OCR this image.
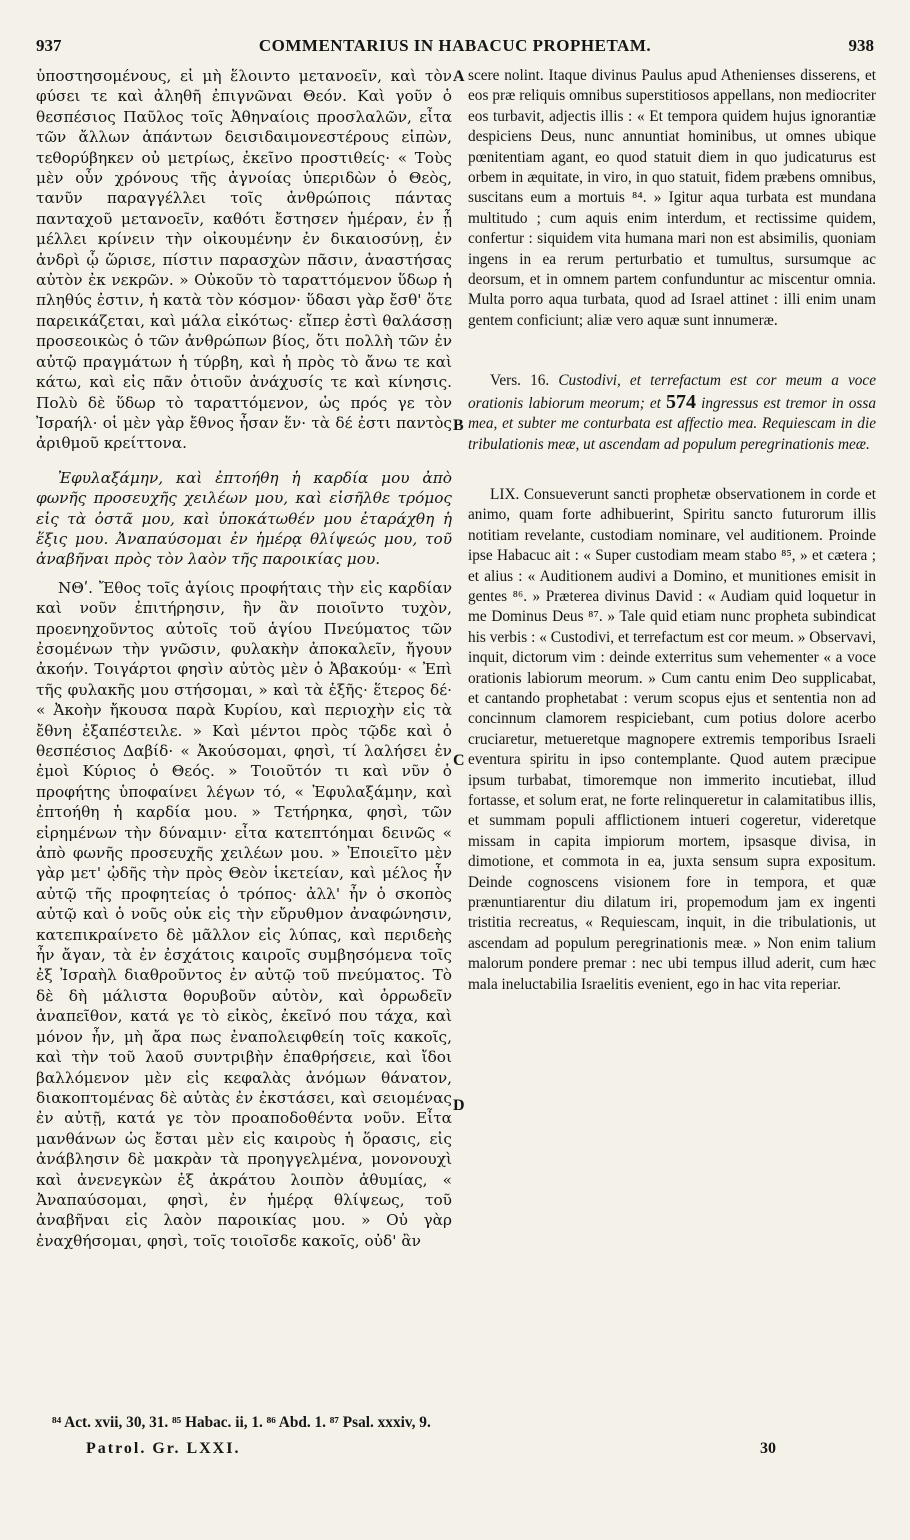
937	COMMENTARIUS IN HABACUC PROPHETAM.	938

ὑποστησομένους, εἰ μὴ ἕλοιντο μετανοεῖν, καὶ τὸν φύσει τε καὶ ἀληθῆ ἐπιγνῶναι Θεόν. Καὶ γοῦν ὁ θεσπέσιος Παῦλος τοῖς Ἀθηναίοις προσλαλῶν, εἶτα τῶν ἄλλων ἁπάντων δεισιδαιμονεστέρους εἰπὼν, τεθορύβηκεν οὐ μετρίως, ἐκεῖνο προστιθείς· « Τοὺς μὲν οὖν χρόνους τῆς ἀγνοίας ὑπεριδὼν ὁ Θεὸς, τανῦν παραγγέλλει τοῖς ἀνθρώποις πάντας πανταχοῦ μετανοεῖν, καθότι ἔστησεν ἡμέραν, ἐν ᾗ μέλλει κρίνειν τὴν οἰκουμένην ἐν δικαιοσύνῃ, ἐν ἀνδρὶ ᾧ ὥρισε, πίστιν παρασχὼν πᾶσιν, ἀναστήσας αὐτὸν ἐκ νεκρῶν. » Οὐκοῦν τὸ ταραττόμενον ὕδωρ ἡ πληθύς ἐστιν, ἡ κατὰ τὸν κόσμον· ὕδασι γὰρ ἔσθ' ὅτε παρεικάζεται, καὶ μάλα εἰκότως· εἴπερ ἐστὶ θαλάσσῃ προσεοικὼς ὁ τῶν ἀνθρώπων βίος, ὅτι πολλὴ τῶν ἐν αὐτῷ πραγμάτων ἡ τύρβη, καὶ ἡ πρὸς τὸ ἄνω τε καὶ κάτω, καὶ εἰς πᾶν ὁτιοῦν ἀνάχυσίς τε καὶ κίνησις. Πολὺ δὲ ὕδωρ τὸ ταραττόμενον, ὡς πρός γε τὸν Ἰσραήλ· οἱ μὲν γὰρ ἔθνος ἦσαν ἕν· τὰ δέ ἐστι παντὸς ἀριθμοῦ κρείττονα.

Ἐφυλαξάμην, καὶ ἐπτοήθη ἡ καρδία μου ἀπὸ φωνῆς προσευχῆς χειλέων μου, καὶ εἰσῆλθε τρόμος εἰς τὰ ὀστᾶ μου, καὶ ὑποκάτωθέν μου ἐταράχθη ἡ ἕξις μου. Ἀναπαύσομαι ἐν ἡμέρᾳ θλίψεώς μου, τοῦ ἀναβῆναι πρὸς τὸν λαὸν τῆς παροικίας μου.

ΝΘʹ. Ἔθος τοῖς ἁγίοις προφήταις τὴν εἰς καρδίαν καὶ νοῦν ἐπιτήρησιν, ἣν ἂν ποιοῖντο τυχὸν, προενηχοῦντος αὐτοῖς τοῦ ἁγίου Πνεύματος τῶν ἐσομένων τὴν γνῶσιν, φυλακὴν ἀποκαλεῖν, ἤγουν ἀκοήν. Τοιγάρτοι φησὶν αὐτὸς μὲν ὁ Ἀβακούμ· « Ἐπὶ τῆς φυλακῆς μου στήσομαι, » καὶ τὰ ἑξῆς· ἕτερος δέ· « Ἀκοὴν ἤκουσα παρὰ Κυρίου, καὶ περιοχὴν εἰς τὰ ἔθνη ἐξαπέστειλε. » Καὶ μέντοι πρὸς τῷδε καὶ ὁ θεσπέσιος Δαβίδ· « Ἀκούσομαι, φησὶ, τί λαλήσει ἐν ἐμοὶ Κύριος ὁ Θεός. » Τοιοῦτόν τι καὶ νῦν ὁ προφήτης ὑποφαίνει λέγων τό, « Ἐφυλαξάμην, καὶ ἐπτοήθη ἡ καρδία μου. » Τετήρηκα, φησὶ, τῶν εἰρημένων τὴν δύναμιν· εἶτα κατεπτόημαι δεινῶς « ἀπὸ φωνῆς προσευχῆς χειλέων μου. » Ἐποιεῖτο μὲν γὰρ μετ' ᾠδῆς τὴν πρὸς Θεὸν ἱκετείαν, καὶ μέλος ἦν αὐτῷ τῆς προφητείας ὁ τρόπος· ἀλλ' ἦν ὁ σκοπὸς αὐτῷ καὶ ὁ νοῦς οὐκ εἰς τὴν εὔρυθμον ἀναφώνησιν, κατεπικραίνετο δὲ μᾶλλον εἰς λύπας, καὶ περιδεὴς ἦν ἄγαν, τὰ ἐν ἐσχάτοις καιροῖς συμβησόμενα τοῖς ἐξ Ἰσραὴλ διαθροῦντος ἐν αὐτῷ τοῦ πνεύματος. Τὸ δὲ δὴ μάλιστα θορυβοῦν αὐτὸν, καὶ ὀρρωδεῖν ἀναπεῖθον, κατά γε τὸ εἰκὸς, ἐκεῖνό που τάχα, καὶ μόνον ἦν, μὴ ἄρα πως ἐναπολειφθείη τοῖς κακοῖς, καὶ τὴν τοῦ λαοῦ συντριβὴν ἐπαθρήσειε, καὶ ἴδοι βαλλόμενον μὲν εἰς κεφαλὰς ἀνόμων θάνατον, διακοπτομένας δὲ αὐτὰς ἐν ἐκστάσει, καὶ σειομένας ἐν αὐτῇ, κατά γε τὸν προαποδοθέντα νοῦν. Εἶτα μανθάνων ὡς ἔσται μὲν εἰς καιροὺς ἡ ὅρασις, εἰς ἀνάβλησιν δὲ μακρὰν τὰ προηγγελμένα, μονονουχὶ καὶ ἀνενεγκὼν ἐξ ἀκράτου λοιπὸν ἀθυμίας, « Ἀναπαύσομαι, φησὶ, ἐν ἡμέρᾳ θλίψεως, τοῦ ἀναβῆναι εἰς λαὸν παροικίας μου. » Οὐ γὰρ ἐναχθήσομαι, φησὶ, τοῖς τοιοῖσδε κακοῖς, οὐδ' ἂν

scere nolint. Itaque divinus Paulus apud Athenienses disserens, et eos præ reliquis omnibus superstitiosos appellans, non mediocriter eos turbavit, adjectis illis : « Et tempora quidem hujus ignorantiæ despiciens Deus, nunc annuntiat hominibus, ut omnes ubique pœnitentiam agant, eo quod statuit diem in quo judicaturus est orbem in æquitate, in viro, in quo statuit, fidem præbens omnibus, suscitans eum a mortuis ⁸⁴. » Igitur aqua turbata est mundana multitudo ; cum aquis enim interdum, et rectissime quidem, confertur : siquidem vita humana mari non est absimilis, quoniam ingens in ea rerum perturbatio et tumultus, sursumque ac deorsum, et in omnem partem confunduntur ac miscentur omnia. Multa porro aqua turbata, quod ad Israel attinet : illi enim unam gentem conficiunt; aliæ vero aquæ sunt innumeræ.

Vers. 16. Custodivi, et terrefactum est cor meum a voce orationis labiorum meorum; et 574 ingressus est tremor in ossa mea, et subter me conturbata est affectio mea. Requiescam in die tribulationis meæ, ut ascendam ad populum peregrinationis meæ.

LIX. Consueverunt sancti prophetæ observationem in corde et animo, quam forte adhibuerint, Spiritu sancto futurorum illis notitiam revelante, custodiam nominare, vel auditionem. Proinde ipse Habacuc ait : « Super custodiam meam stabo ⁸⁵, » et cætera ; et alius : « Auditionem audivi a Domino, et munitiones emisit in gentes ⁸⁶. » Præterea divinus David : « Audiam quid loquetur in me Dominus Deus ⁸⁷. » Tale quid etiam nunc propheta subindicat his verbis : « Custodivi, et terrefactum est cor meum. » Observavi, inquit, dictorum vim : deinde exterritus sum vehementer « a voce orationis labiorum meorum. » Cum cantu enim Deo supplicabat, et cantando prophetabat : verum scopus ejus et sententia non ad concinnum clamorem respiciebant, cum potius dolore acerbo cruciaretur, metueretque magnopere extremis temporibus Israeli eventura spiritu in ipso contemplante. Quod autem præcipue ipsum turbabat, timoremque non immerito incutiebat, illud fortasse, et solum erat, ne forte relinqueretur in calamitatibus illis, et summam populi afflictionem intueri cogeretur, videretque missam in capita impiorum mortem, ipsasque divisa, in dimotione, et commota in ea, juxta sensum supra expositum. Deinde cognoscens visionem fore in tempora, et quæ prænuntiarentur diu dilatum iri, propemodum jam ex ingenti tristitia recreatus, « Requiescam, inquit, in die tribulationis, ut ascendam ad populum peregrinationis meæ. » Non enim talium malorum pondere premar : nec ubi tempus illud aderit, cum hæc mala ineluctabilia Israelitis evenient, ego in hac vita reperiar.

A
B
C
D
⁸⁴ Act. xvii, 30, 31. ⁸⁵ Habac. ii, 1. ⁸⁶ Abd. 1. ⁸⁷ Psal. xxxiv, 9.
Patrol. Gr. LXXI.	30
